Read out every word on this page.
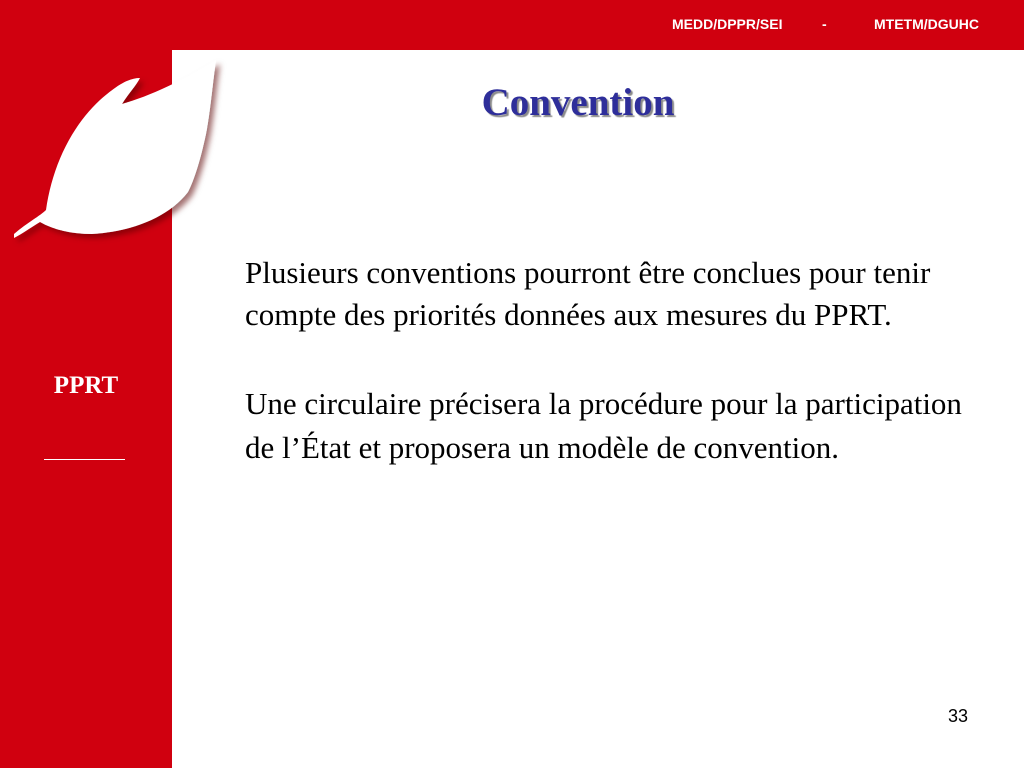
MEDD/DPPR/SEI	-	MTETM/DGUHC
PPRT
Convention

Plusieurs conventions pourront être conclues pour tenir compte des priorités données aux mesures du PPRT.

Une circulaire précisera la procédure pour la participation de l’État et proposera un modèle de convention.

33
